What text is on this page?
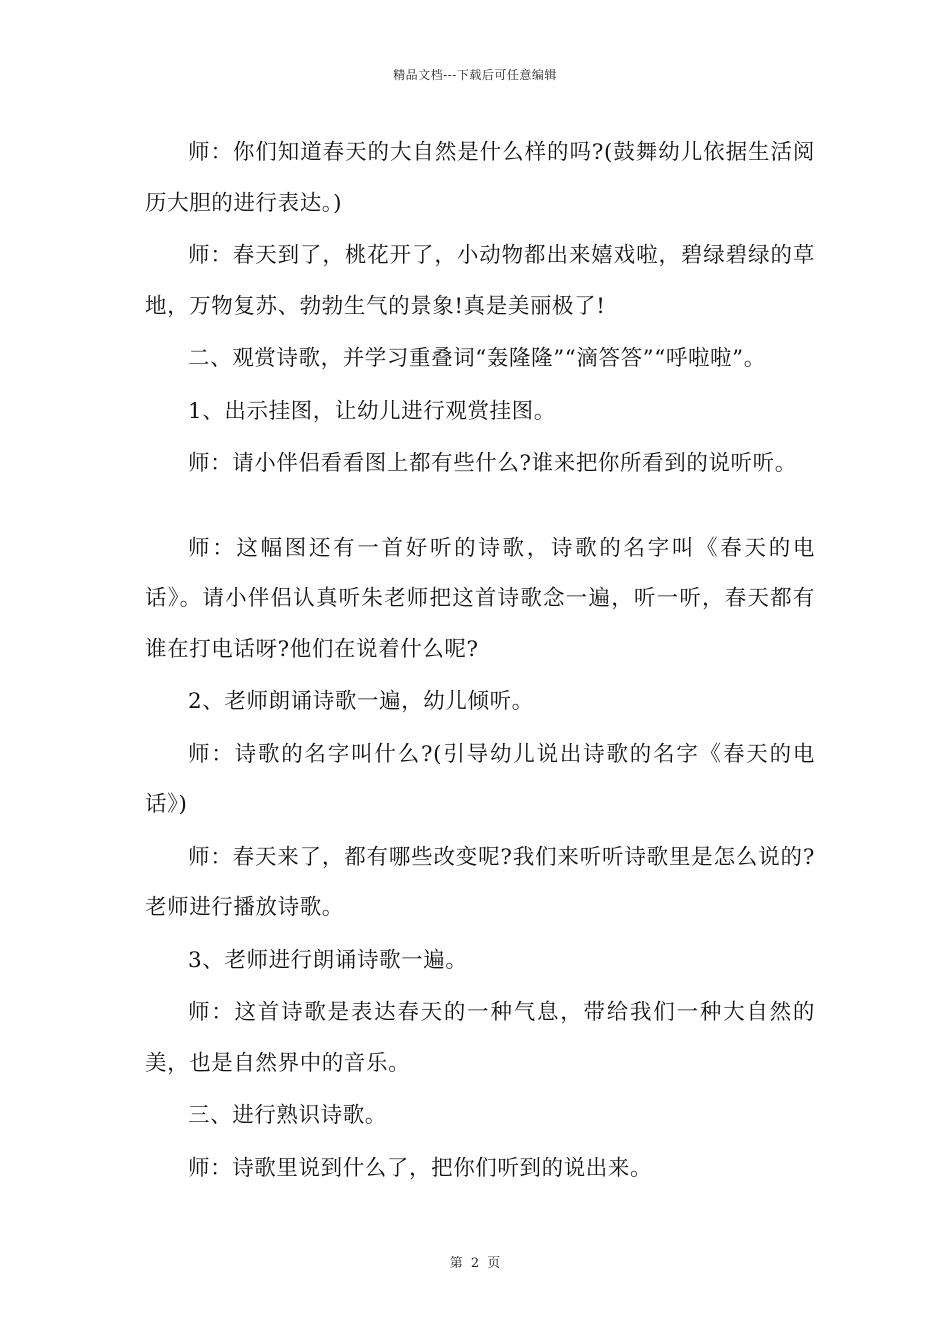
精品文档---下载后可任意编辑

师：你们知道春天的大自然是什么样的吗?(鼓舞幼儿依据生活阅历大胆的进行表达。)

师：春天到了，桃花开了，小动物都出来嬉戏啦，碧绿碧绿的草地，万物复苏、勃勃生气的景象!真是美丽极了!

二、观赏诗歌，并学习重叠词“轰隆隆”“滴答答”“呼啦啦”。

1、出示挂图，让幼儿进行观赏挂图。

师：请小伴侣看看图上都有些什么?谁来把你所看到的说听听。

师：这幅图还有一首好听的诗歌，诗歌的名字叫《春天的电话》。请小伴侣认真听朱老师把这首诗歌念一遍，听一听，春天都有谁在打电话呀?他们在说着什么呢?

2、老师朗诵诗歌一遍，幼儿倾听。

师：诗歌的名字叫什么?(引导幼儿说出诗歌的名字《春天的电话》)

师：春天来了，都有哪些改变呢?我们来听听诗歌里是怎么说的?老师进行播放诗歌。

3、老师进行朗诵诗歌一遍。

师：这首诗歌是表达春天的一种气息，带给我们一种大自然的美，也是自然界中的音乐。

三、进行熟识诗歌。

师：诗歌里说到什么了，把你们听到的说出来。

第 2 页
